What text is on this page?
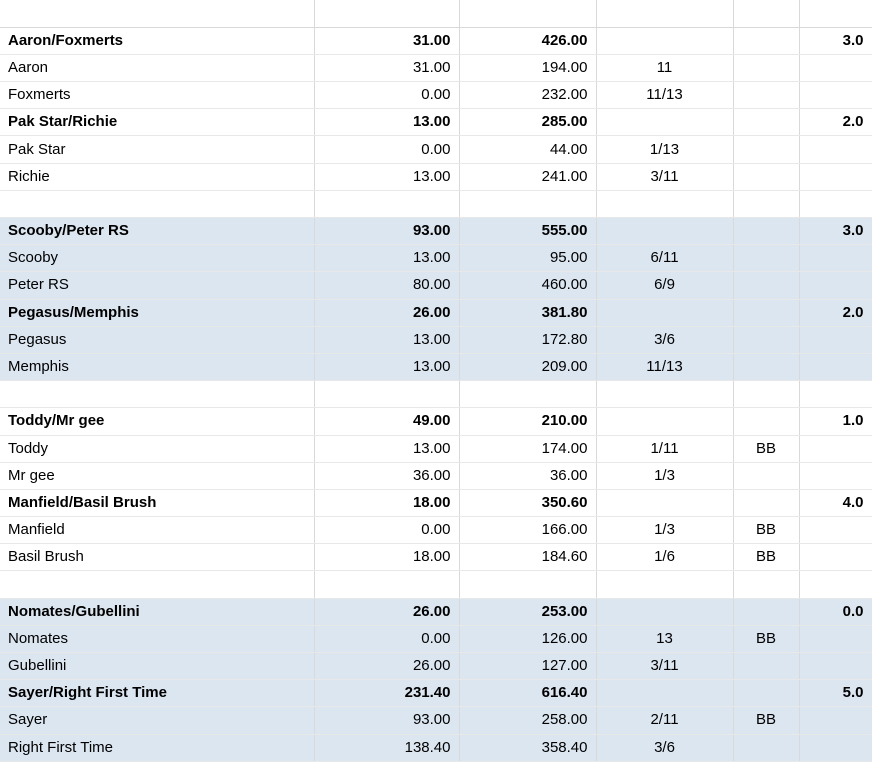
Aaron/Foxmerts	31.00	426.00			3.0
Aaron	31.00	194.00	11		
Foxmerts	0.00	232.00	11/13		
Pak Star/Richie	13.00	285.00			2.0
Pak Star	0.00	44.00	1/13		
Richie	13.00	241.00	3/11		

Scooby/Peter RS	93.00	555.00			3.0
Scooby	13.00	95.00	6/11		
Peter RS	80.00	460.00	6/9		
Pegasus/Memphis	26.00	381.80			2.0
Pegasus	13.00	172.80	3/6		
Memphis	13.00	209.00	11/13		

Toddy/Mr gee	49.00	210.00			1.0
Toddy	13.00	174.00	1/11	BB	
Mr gee	36.00	36.00	1/3		
Manfield/Basil Brush	18.00	350.60			4.0
Manfield	0.00	166.00	1/3	BB	
Basil Brush	18.00	184.60	1/6	BB	

Nomates/Gubellini	26.00	253.00			0.0
Nomates	0.00	126.00	13	BB	
Gubellini	26.00	127.00	3/11		
Sayer/Right First Time	231.40	616.40			5.0
Sayer	93.00	258.00	2/11	BB	
Right First Time	138.40	358.40	3/6		
